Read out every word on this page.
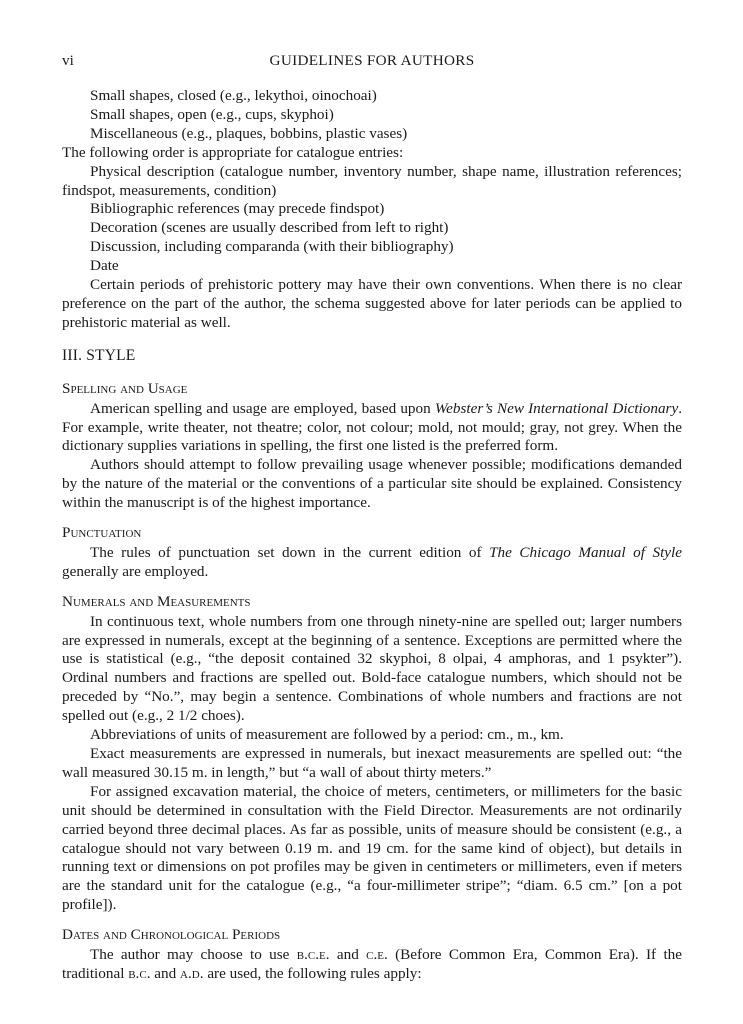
vi	GUIDELINES FOR AUTHORS

Small shapes, closed (e.g., lekythoi, oinochoai)

Small shapes, open (e.g., cups, skyphoi)

Miscellaneous (e.g., plaques, bobbins, plastic vases)

The following order is appropriate for catalogue entries:

Physical description (catalogue number, inventory number, shape name, illustration references; findspot, measurements, condition)

Bibliographic references (may precede findspot)

Decoration (scenes are usually described from left to right)

Discussion, including comparanda (with their bibliography)

Date

Certain periods of prehistoric pottery may have their own conventions. When there is no clear preference on the part of the author, the schema suggested above for later periods can be applied to prehistoric material as well.

III. STYLE
Spelling and Usage

American spelling and usage are employed, based upon Webster’s New International Dictionary. For example, write theater, not theatre; color, not colour; mold, not mould; gray, not grey. When the dictionary supplies variations in spelling, the first one listed is the preferred form.

Authors should attempt to follow prevailing usage whenever possible; modifications demanded by the nature of the material or the conventions of a particular site should be explained. Consistency within the manuscript is of the highest importance.

Punctuation

The rules of punctuation set down in the current edition of The Chicago Manual of Style generally are employed.

Numerals and Measurements

In continuous text, whole numbers from one through ninety-nine are spelled out; larger numbers are expressed in numerals, except at the beginning of a sentence. Exceptions are permitted where the use is statistical (e.g., “the deposit contained 32 skyphoi, 8 olpai, 4 amphoras, and 1 psykter”). Ordinal numbers and fractions are spelled out. Bold-face catalogue numbers, which should not be preceded by “No.”, may begin a sentence. Combinations of whole numbers and fractions are not spelled out (e.g., 2 1/2 choes).

Abbreviations of units of measurement are followed by a period: cm., m., km.

Exact measurements are expressed in numerals, but inexact measurements are spelled out: “the wall measured 30.15 m. in length,” but “a wall of about thirty meters.”

For assigned excavation material, the choice of meters, centimeters, or millimeters for the basic unit should be determined in consultation with the Field Director. Measurements are not ordinarily carried beyond three decimal places. As far as possible, units of measure should be consistent (e.g., a catalogue should not vary between 0.19 m. and 19 cm. for the same kind of object), but details in running text or dimensions on pot profiles may be given in centimeters or millimeters, even if meters are the standard unit for the catalogue (e.g., “a four-millimeter stripe”; “diam. 6.5 cm.” [on a pot profile]).

Dates and Chronological Periods

The author may choose to use b.c.e. and c.e. (Before Common Era, Common Era). If the traditional b.c. and a.d. are used, the following rules apply:
